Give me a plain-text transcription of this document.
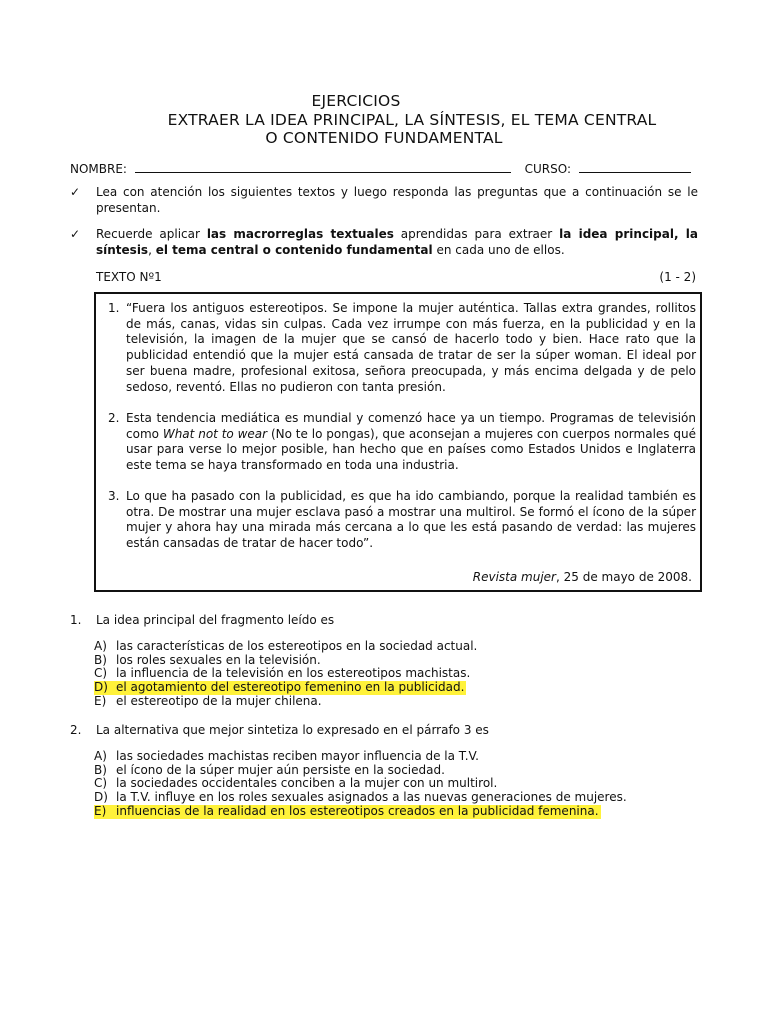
EJERCICIOS
EXTRAER LA IDEA PRINCIPAL, LA SÍNTESIS, EL TEMA CENTRAL
O CONTENIDO FUNDAMENTAL
NOMBRE:	CURSO:
✓	Lea con atención los siguientes textos y luego responda las preguntas que a continuación se le presentan.
✓	Recuerde aplicar las macrorreglas textuales aprendidas para extraer la idea principal, la síntesis, el tema central o contenido fundamental en cada uno de ellos.
TEXTO Nº1	(1 - 2)
1. “Fuera los antiguos estereotipos. Se impone la mujer auténtica. Tallas extra grandes, rollitos de más, canas, vidas sin culpas. Cada vez irrumpe con más fuerza, en la publicidad y en la televisión, la imagen de la mujer que se cansó de hacerlo todo y bien. Hace rato que la publicidad entendió que la mujer está cansada de tratar de ser la súper woman. El ideal por ser buena madre, profesional exitosa, señora preocupada, y más encima delgada y de pelo sedoso, reventó. Ellas no pudieron con tanta presión.
2. Esta tendencia mediática es mundial y comenzó hace ya un tiempo. Programas de televisión como What not to wear (No te lo pongas), que aconsejan a mujeres con cuerpos normales qué usar para verse lo mejor posible, han hecho que en países como Estados Unidos e Inglaterra este tema se haya transformado en toda una industria.
3. Lo que ha pasado con la publicidad, es que ha ido cambiando, porque la realidad también es otra. De mostrar una mujer esclava pasó a mostrar una multirol. Se formó el ícono de la súper mujer y ahora hay una mirada más cercana a lo que les está pasando de verdad: las mujeres están cansadas de tratar de hacer todo”.
Revista mujer, 25 de mayo de 2008.
1. La idea principal del fragmento leído es
A) las características de los estereotipos en la sociedad actual.
B) los roles sexuales en la televisión.
C) la influencia de la televisión en los estereotipos machistas.
D) el agotamiento del estereotipo femenino en la publicidad.
E) el estereotipo de la mujer chilena.
2. La alternativa que mejor sintetiza lo expresado en el párrafo 3 es
A) las sociedades machistas reciben mayor influencia de la T.V.
B) el ícono de la súper mujer aún persiste en la sociedad.
C) la sociedades occidentales conciben a la mujer con un multirol.
D) la T.V. influye en los roles sexuales asignados a las nuevas generaciones de mujeres.
E) influencias de la realidad en los estereotipos creados en la publicidad femenina.
